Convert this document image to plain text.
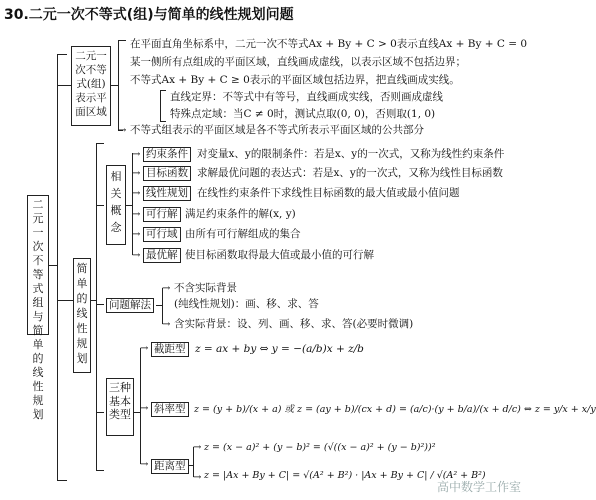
30.二元一次不等式(组)与简单的线性规划问题
二元一次不等式组与简单的线性规划
二元一次不等式(组)表示平面区域
→
在平面直角坐标系中，二元一次不等式Ax + By + C > 0表示直线Ax + By + C = 0
某一侧所有点组成的平面区域，直线画成虚线，以表示区域不包括边界；
不等式Ax + By + C ≥ 0表示的平面区域包括边界，把直线画成实线。
直线定界：不等式中有等号，直线画成实线，否则画成虚线
特殊点定域：当C ≠ 0时，测试点取(0, 0)，否则取(1, 0)
不等式组表示的平面区域是各不等式所表示平面区域的公共部分
简单的线性规划
相关概念
→ 约束条件 对变量x、y的限制条件：若是x、y的一次式，又称为线性约束条件
→ 目标函数 求解最优问题的表达式：若是x、y的一次式，又称为线性目标函数
→ 线性规划 在线性约束条件下求线性目标函数的最大值或最小值问题
→ 可行解 满足约束条件的解(x, y)
→ 可行域 由所有可行解组成的集合
→ 最优解 使目标函数取得最大值或最小值的可行解
问题解法
→
→
不含实际背景
(纯线性规划)：画、移、求、答
含实际背景：设、列、画、移、求、答(必要时微调)
三种基本类型
→
→
→
截距型 z = ax + by ⇔ y = −(a/b)x + z/b
斜率型 z = (y + b)/(x + a) 或 z = (ay + b)/(cx + d) = (a/c)·(y + b/a)/(x + d/c) ⇔ z = y/x + x/y
距离型
→
→
z = (x − a)² + (y − b)² = (√((x − a)² + (y − b)²))²
z = |Ax + By + C| = √(A² + B²) · |Ax + By + C| / √(A² + B²)
高中数学工作室
